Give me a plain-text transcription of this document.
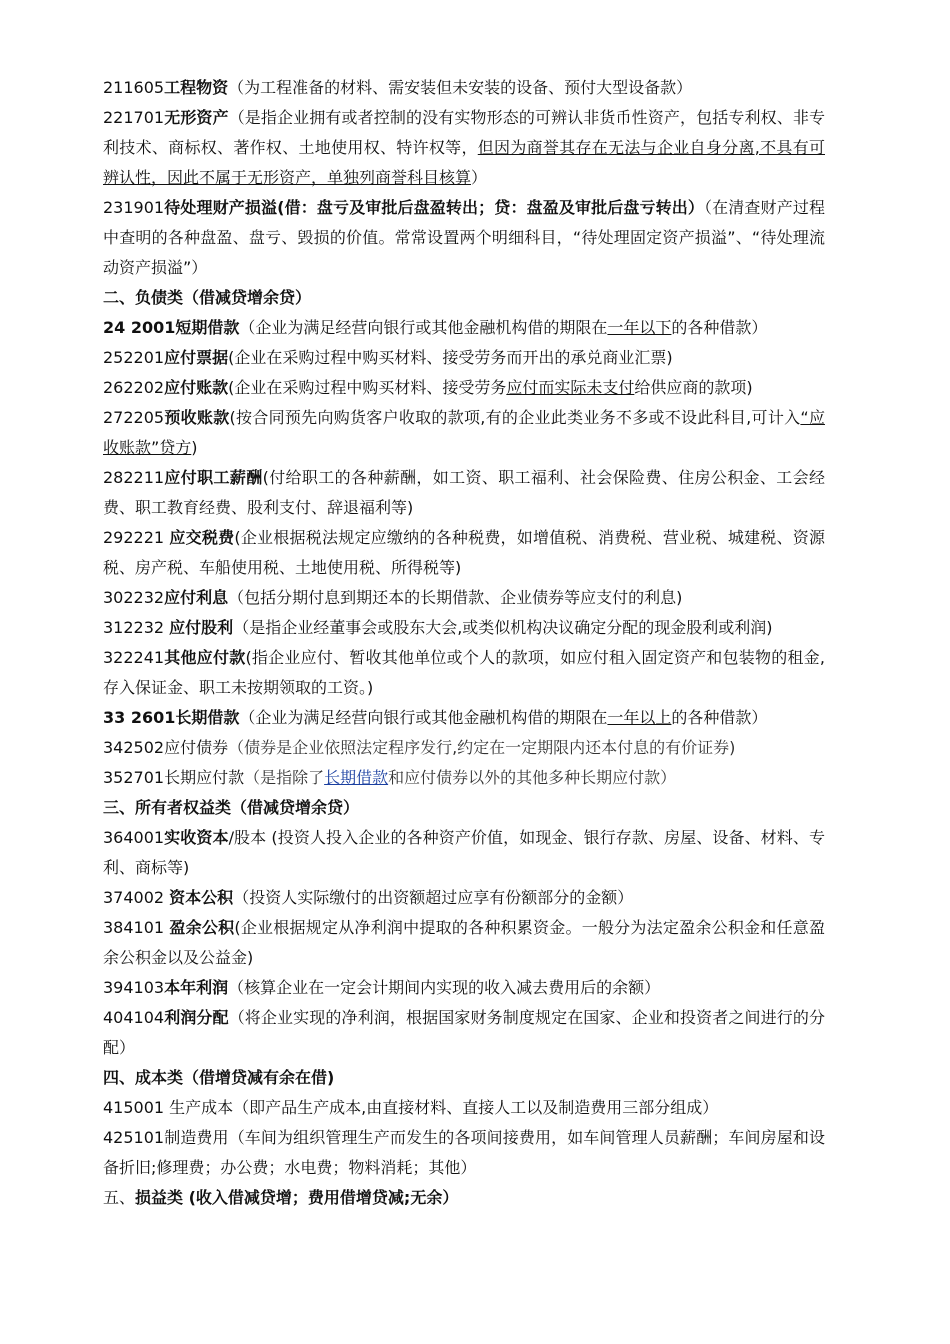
211605工程物资（为工程准备的材料、需安装但未安装的设备、预付大型设备款）

221701无形资产（是指企业拥有或者控制的没有实物形态的可辨认非货币性资产，包括专利权、非专利技术、商标权、著作权、土地使用权、特许权等，但因为商誉其存在无法与企业自身分离,不具有可辨认性，因此不属于无形资产，单独列商誉科目核算）

231901待处理财产损溢(借：盘亏及审批后盘盈转出；贷：盘盈及审批后盘亏转出）（在清查财产过程中查明的各种盘盈、盘亏、毁损的价值。常常设置两个明细科目，“待处理固定资产损溢”、“待处理流动资产损溢”）

二、负债类（借减贷增余贷）

24 2001短期借款（企业为满足经营向银行或其他金融机构借的期限在一年以下的各种借款）

252201应付票据(企业在采购过程中购买材料、接受劳务而开出的承兑商业汇票)

262202应付账款(企业在采购过程中购买材料、接受劳务应付而实际未支付给供应商的款项)

272205预收账款(按合同预先向购货客户收取的款项,有的企业此类业务不多或不设此科目,可计入“应收账款”贷方)

282211应付职工薪酬(付给职工的各种薪酬，如工资、职工福利、社会保险费、住房公积金、工会经费、职工教育经费、股利支付、辞退福利等)

292221 应交税费(企业根据税法规定应缴纳的各种税费，如增值税、消费税、营业税、城建税、资源税、房产税、车船使用税、土地使用税、所得税等)

302232应付利息（包括分期付息到期还本的长期借款、企业债券等应支付的利息)

312232 应付股利（是指企业经董事会或股东大会,或类似机构决议确定分配的现金股利或利润)

322241其他应付款(指企业应付、暂收其他单位或个人的款项，如应付租入固定资产和包装物的租金,存入保证金、职工未按期领取的工资。)

33 2601长期借款（企业为满足经营向银行或其他金融机构借的期限在一年以上的各种借款）

342502应付债券（债券是企业依照法定程序发行,约定在一定期限内还本付息的有价证券)

352701长期应付款（是指除了长期借款和应付债券以外的其他多种长期应付款）

三、所有者权益类（借减贷增余贷）

364001实收资本/股本 (投资人投入企业的各种资产价值，如现金、银行存款、房屋、设备、材料、专利、商标等)

374002 资本公积（投资人实际缴付的出资额超过应享有份额部分的金额）

384101 盈余公积(企业根据规定从净利润中提取的各种积累资金。一般分为法定盈余公积金和任意盈余公积金以及公益金)

394103本年利润（核算企业在一定会计期间内实现的收入减去费用后的余额）

404104利润分配（将企业实现的净利润，根据国家财务制度规定在国家、企业和投资者之间进行的分配）

四、成本类（借增贷减有余在借)

415001 生产成本（即产品生产成本,由直接材料、直接人工以及制造费用三部分组成）

425101制造费用（车间为组织管理生产而发生的各项间接费用，如车间管理人员薪酬；车间房屋和设备折旧;修理费；办公费；水电费；物料消耗；其他）

五、损益类 (收入借减贷增；费用借增贷减;无余）
